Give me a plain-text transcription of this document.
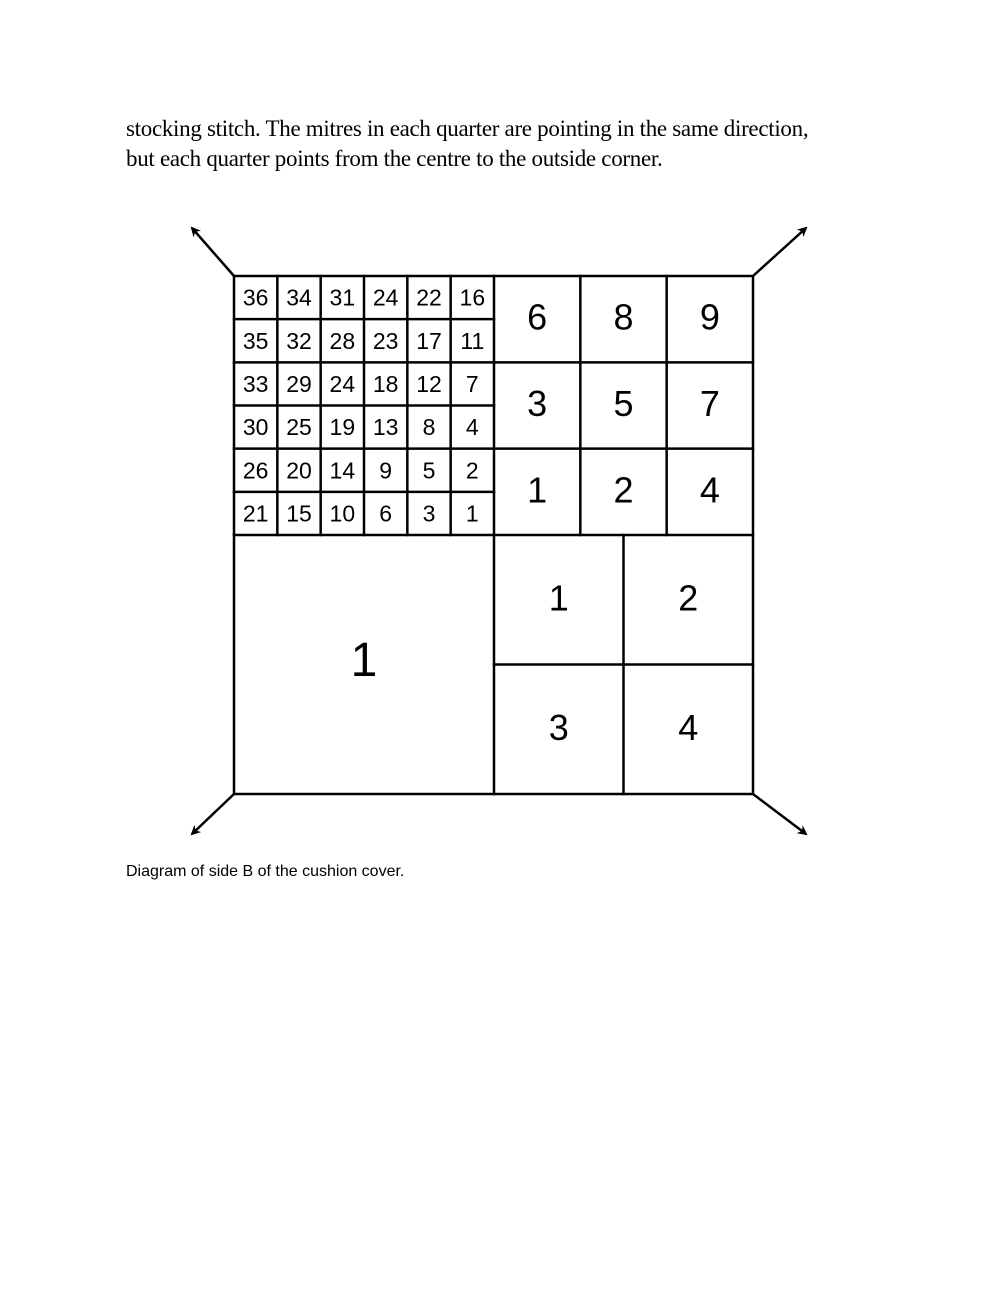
stocking stitch. The mitres in each quarter are pointing in the same direction,
but each quarter points from the centre to the outside corner.
36 34 31 24 22 16
35 32 28 23 17 11
33 29 24 18 12 7
30 25 19 13 8 4
26 20 14 9 5 2
21 15 10 6 3 1
6 8 9
3 5 7
1 2 4
1
1	2
3	4
Diagram of side B of the cushion cover.
